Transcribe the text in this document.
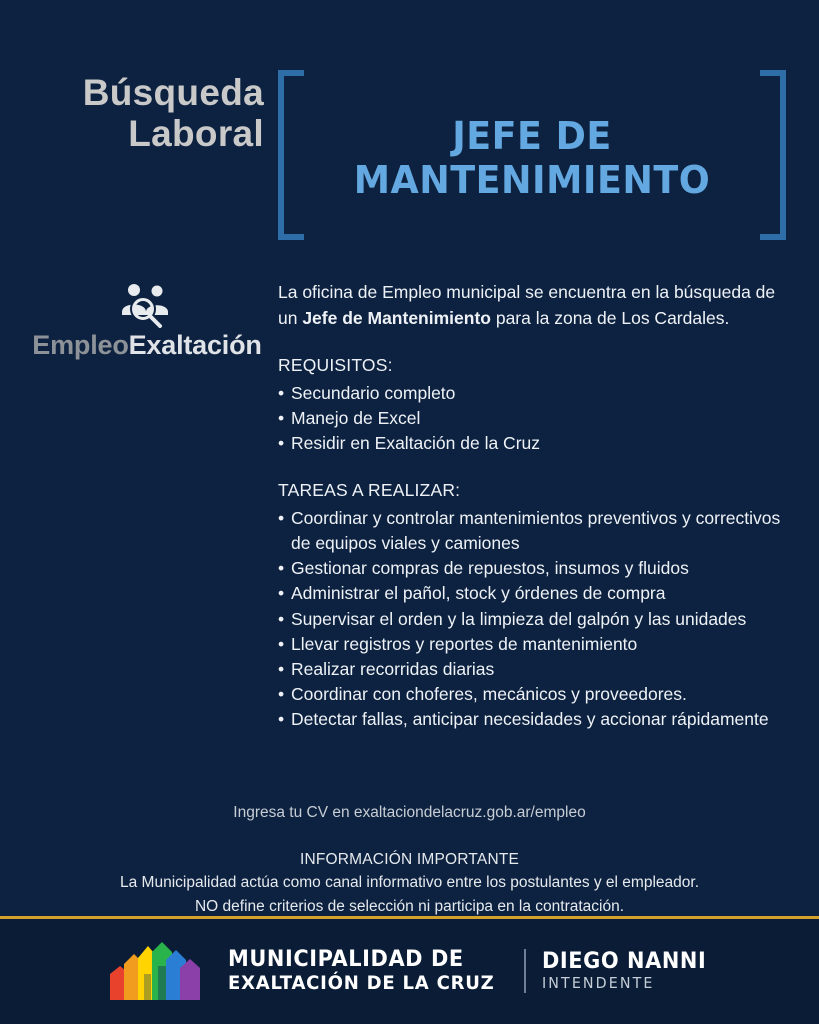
Búsqueda
Laboral	JEFE DE MANTENIMIENTO
EmpleoExaltación

La oficina de Empleo municipal se encuentra en la búsqueda de un Jefe de Mantenimiento para la zona de Los Cardales.

REQUISITOS:
• Secundario completo
• Manejo de Excel
• Residir en Exaltación de la Cruz
TAREAS A REALIZAR:
• Coordinar y controlar mantenimientos preventivos y correctivos de equipos viales y camiones
• Gestionar compras de repuestos, insumos y fluidos
• Administrar el pañol, stock y órdenes de compra
• Supervisar el orden y la limpieza del galpón y las unidades
• Llevar registros y reportes de mantenimiento
• Realizar recorridas diarias
• Coordinar con choferes, mecánicos y proveedores.
• Detectar fallas, anticipar necesidades y accionar rápidamente
Ingresa tu CV en exaltaciondelacruz.gob.ar/empleo
INFORMACIÓN IMPORTANTE
La Municipalidad actúa como canal informativo entre los postulantes y el empleador.
NO define criterios de selección ni participa en la contratación.
MUNICIPALIDAD DE
EXALTACIÓN DE LA CRUZ
DIEGO NANNI
INTENDENTE
